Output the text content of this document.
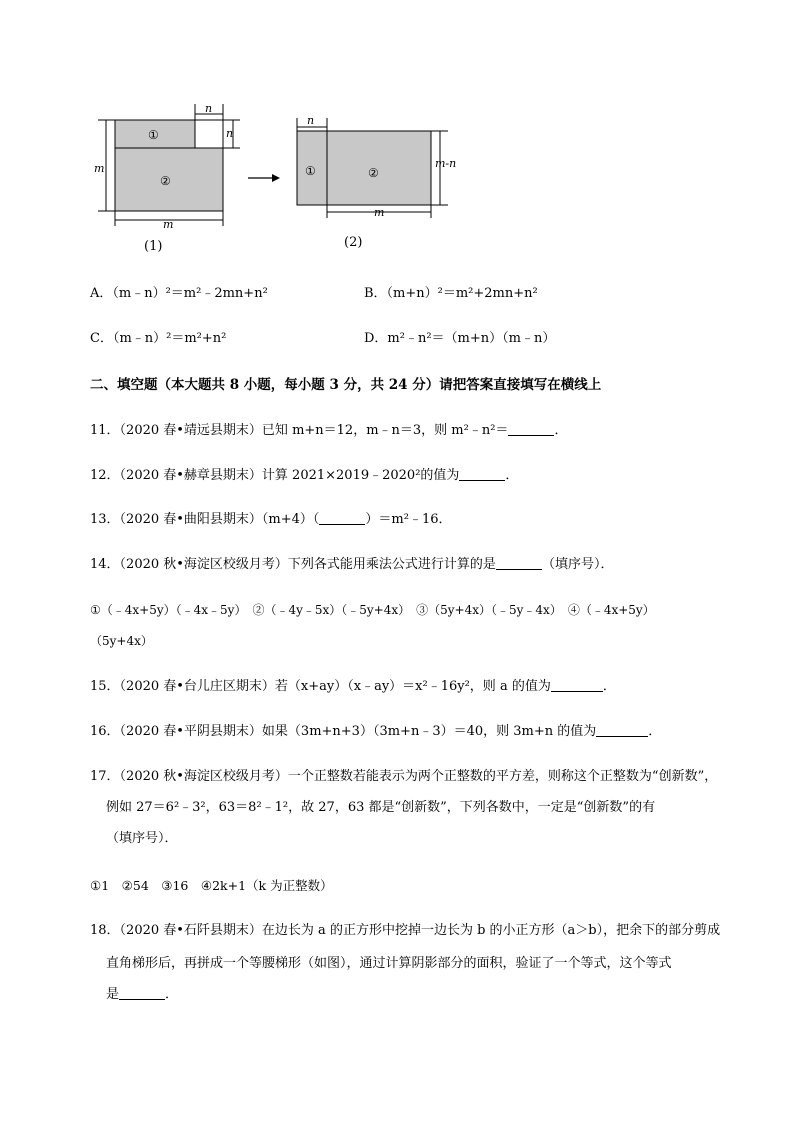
n
n
m
m
①
②
(1)
n
m-n
m
①	②
(2)
A．（m﹣n）²＝m²﹣2mn+n²	B．（m+n）²＝m²+2mn+n²
C．（m﹣n）²＝m²+n²	D．m²﹣n²＝（m+n）（m﹣n）
二、填空题（本大题共 8 小题，每小题 3 分，共 24 分）请把答案直接填写在横线上
11．（2020 春•靖远县期末）已知 m+n＝12，m﹣n＝3，则 m²﹣n²＝	．
12．（2020 春•赫章县期末）计算 2021×2019﹣2020²的值为	．
13．（2020 春•曲阳县期末）（m+4）（	）＝m²﹣16．
14．（2020 秋•海淀区校级月考）下列各式能用乘法公式进行计算的是	（填序号）．
①（﹣4x+5y）（﹣4x﹣5y）　②（﹣4y﹣5x）（﹣5y+4x）　③（5y+4x）（﹣5y﹣4x）　④（﹣4x+5y）
（5y+4x）
15．（2020 春•台儿庄区期末）若（x+ay）（x﹣ay）＝x²﹣16y²，则 a 的值为	．
16．（2020 春•平阴县期末）如果（3m+n+3）（3m+n﹣3）＝40，则 3m+n 的值为	．
17．（2020 秋•海淀区校级月考）一个正整数若能表示为两个正整数的平方差，则称这个正整数为“创新数”，
例如 27＝6²﹣3²，63＝8²﹣1²，故 27，63 都是“创新数”，下列各数中，一定是“创新数”的有
（填序号）．
①1　②54　③16　④2k+1（k 为正整数）
18．（2020 春•石阡县期末）在边长为 a 的正方形中挖掉一边长为 b 的小正方形（a＞b），把余下的部分剪成
直角梯形后，再拼成一个等腰梯形（如图），通过计算阴影部分的面积，验证了一个等式，这个等式
是	．
